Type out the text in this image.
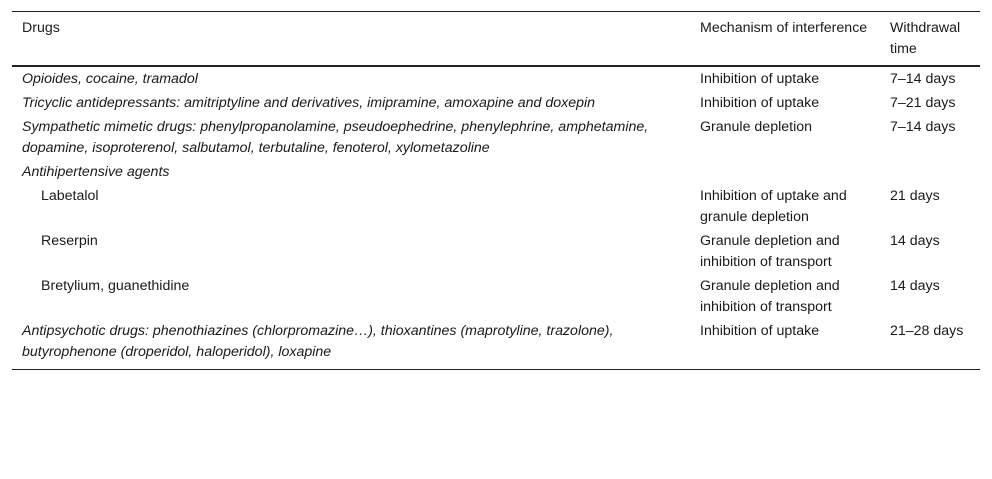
Drugs	Mechanism of interference	Withdrawal time
Opioides, cocaine, tramadol	Inhibition of uptake	7–14 days
Tricyclic antidepressants: amitriptyline and derivatives, imipramine, amoxapine and doxepin	Inhibition of uptake	7–21 days
Sympathetic mimetic drugs: phenylpropanolamine, pseudoephedrine, phenylephrine, amphetamine, dopamine, isoproterenol, salbutamol, terbutaline, fenoterol, xylometazoline	Granule depletion	7–14 days
Antihipertensive agents		
Labetalol	Inhibition of uptake and granule depletion	21 days
Reserpin	Granule depletion and inhibition of transport	14 days
Bretylium, guanethidine	Granule depletion and inhibition of transport	14 days
Antipsychotic drugs: phenothiazines (chlorpromazine…), thioxantines (maprotyline, trazolone), butyrophenone (droperidol, haloperidol), loxapine	Inhibition of uptake	21–28 days
